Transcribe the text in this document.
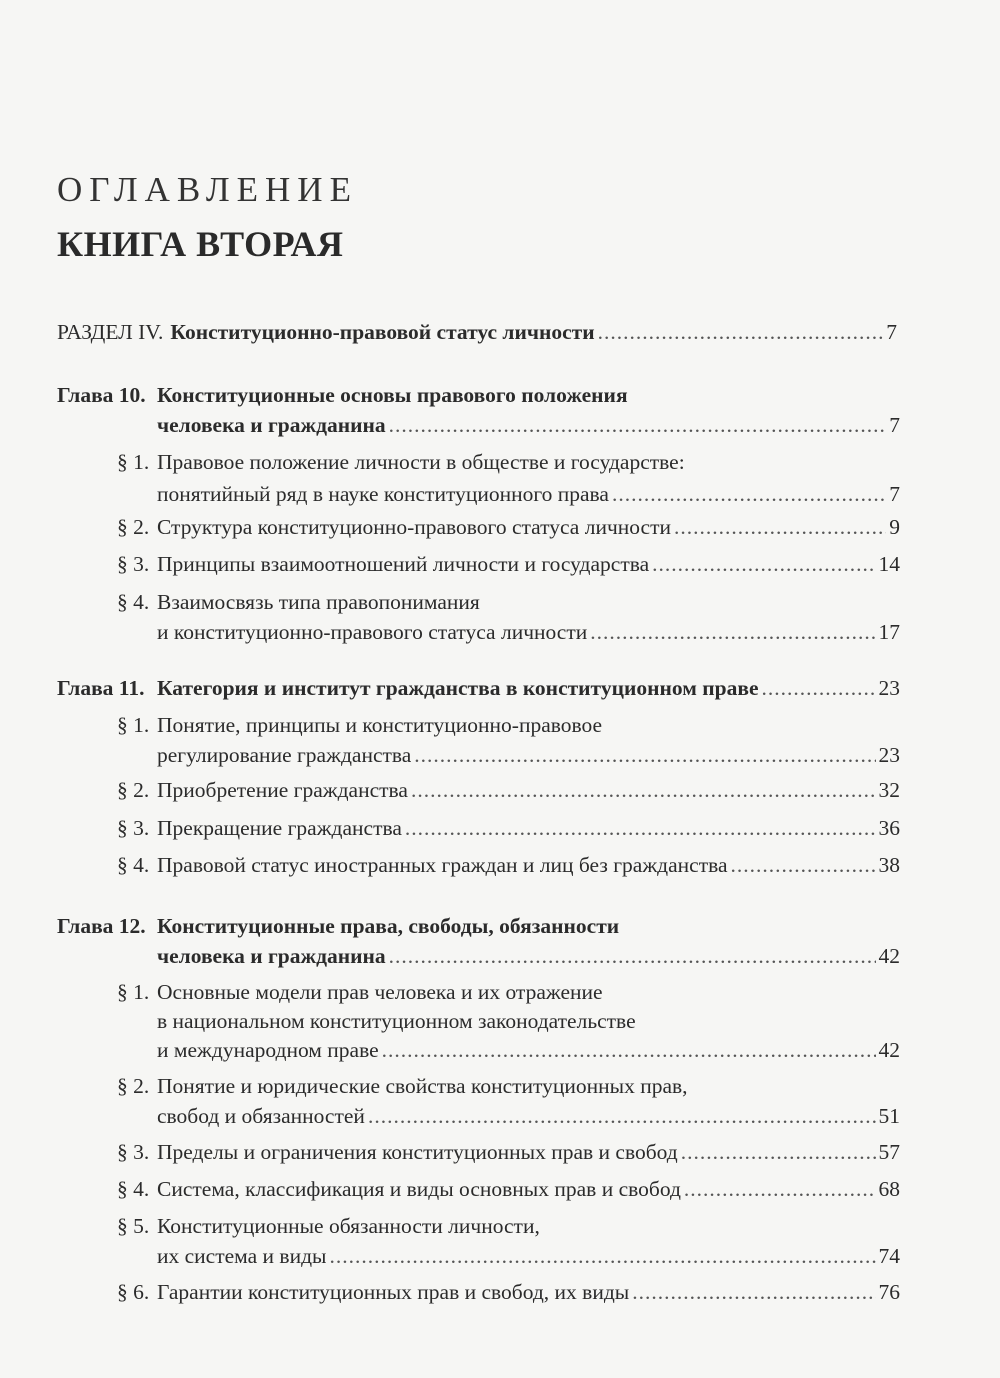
ОГЛАВЛЕНИЕ
КНИГА ВТОРАЯ
РАЗДЕЛ IV. Конституционно-правовой статус личности .....	7
Глава 10. Конституционные основы правового положения
человека и гражданина .....	7
§ 1. Правовое положение личности в обществе и государстве:
понятийный ряд в науке конституционного права .....	7
§ 2. Структура конституционно-правового статуса личности .....	9
§ 3. Принципы взаимоотношений личности и государства .....	14
§ 4. Взаимосвязь типа правопонимания
и конституционно-правового статуса личности .....	17
Глава 11. Категория и институт гражданства в конституционном праве .....	23
§ 1. Понятие, принципы и конституционно-правовое
регулирование гражданства .....	23
§ 2. Приобретение гражданства .....	32
§ 3. Прекращение гражданства .....	36
§ 4. Правовой статус иностранных граждан и лиц без гражданства .....	38
Глава 12. Конституционные права, свободы, обязанности
человека и гражданина .....	42
§ 1. Основные модели прав человека и их отражение
в национальном конституционном законодательстве
и международном праве .....	42
§ 2. Понятие и юридические свойства конституционных прав,
свобод и обязанностей .....	51
§ 3. Пределы и ограничения конституционных прав и свобод .....	57
§ 4. Система, классификация и виды основных прав и свобод .....	68
§ 5. Конституционные обязанности личности,
их система и виды .....	74
§ 6. Гарантии конституционных прав и свобод, их виды .....	76
